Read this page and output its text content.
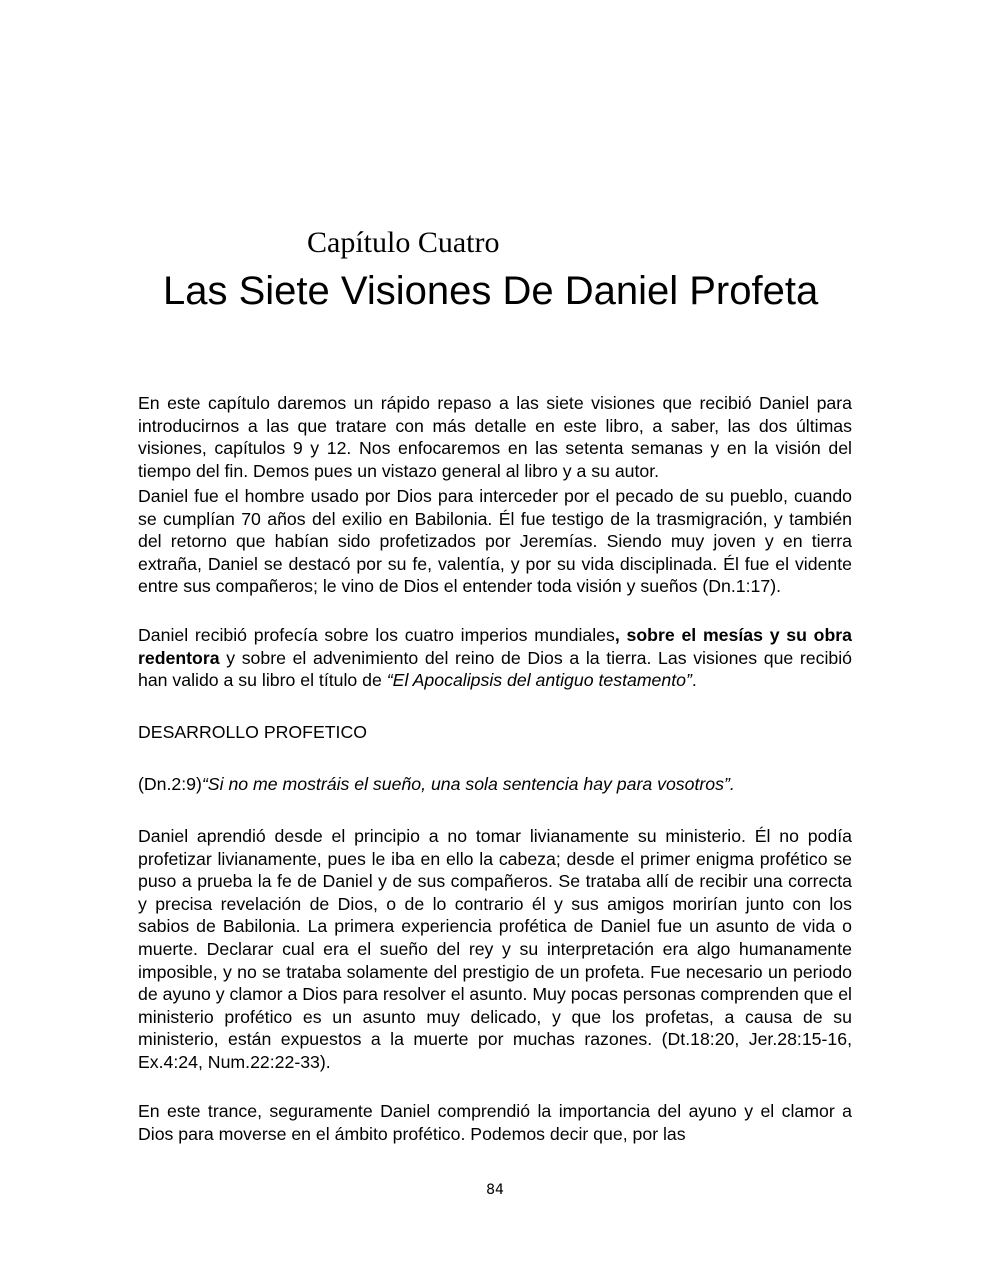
Capítulo Cuatro
Las Siete Visiones De Daniel Profeta

En este capítulo daremos un rápido repaso a las siete visiones que recibió Daniel para introducirnos a las que tratare con más detalle en este libro, a saber, las dos últimas visiones, capítulos 9 y 12. Nos enfocaremos en las setenta semanas y en la visión del tiempo del fin. Demos pues un vistazo general al libro y a su autor.

Daniel fue el hombre usado por Dios para interceder por el pecado de su pueblo, cuando se cumplían 70 años del exilio en Babilonia. Él fue testigo de la trasmigración, y también del retorno que habían sido profetizados por Jeremías. Siendo muy joven y en tierra extraña, Daniel se destacó por su fe, valentía, y por su vida disciplinada. Él fue el vidente entre sus compañeros; le vino de Dios el entender toda visión y sueños (Dn.1:17).

Daniel recibió profecía sobre los cuatro imperios mundiales, sobre el mesías y su obra redentora y sobre el advenimiento del reino de Dios a la tierra. Las visiones que recibió han valido a su libro el título de “El Apocalipsis del antiguo testamento”.

DESARROLLO PROFETICO
(Dn.2:9)“Si no me mostráis el sueño, una sola sentencia hay para vosotros”.

Daniel aprendió desde el principio a no tomar livianamente su ministerio. Él no podía profetizar livianamente, pues le iba en ello la cabeza; desde el primer enigma profético se puso a prueba la fe de Daniel y de sus compañeros. Se trataba allí de recibir una correcta y precisa revelación de Dios, o de lo contrario él y sus amigos morirían junto con los sabios de Babilonia. La primera experiencia profética de Daniel fue un asunto de vida o muerte. Declarar cual era el sueño del rey y su interpretación era algo humanamente imposible, y no se trataba solamente del prestigio de un profeta. Fue necesario un periodo de ayuno y clamor a Dios para resolver el asunto. Muy pocas personas comprenden que el ministerio profético es un asunto muy delicado, y que los profetas, a causa de su ministerio, están expuestos a la muerte por muchas razones. (Dt.18:20, Jer.28:15-16, Ex.4:24, Num.22:22-33).

En este trance, seguramente Daniel comprendió la importancia del ayuno y el clamor a Dios para moverse en el ámbito profético. Podemos decir que, por las

84
